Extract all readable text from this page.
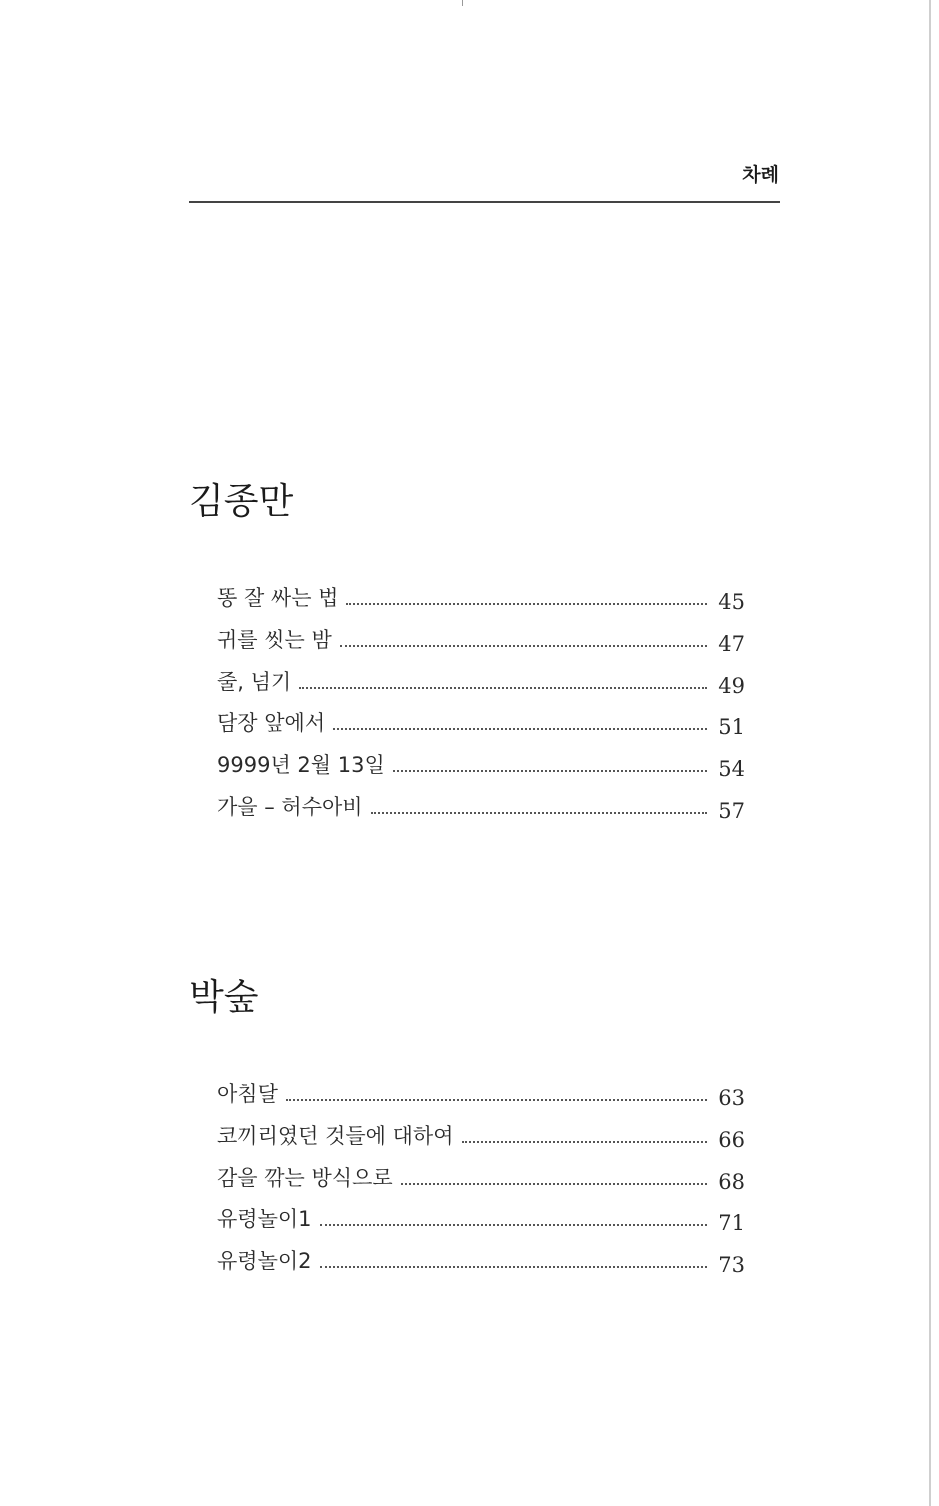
차례
김종만
똥 잘 싸는 법	45
귀를 씻는 밤	47
줄, 넘기	49
담장 앞에서	51
9999년 2월 13일	54
가을 – 허수아비	57
박숲
아침달	63
코끼리였던 것들에 대하여	66
감을 깎는 방식으로	68
유령놀이1	71
유령놀이2	73
